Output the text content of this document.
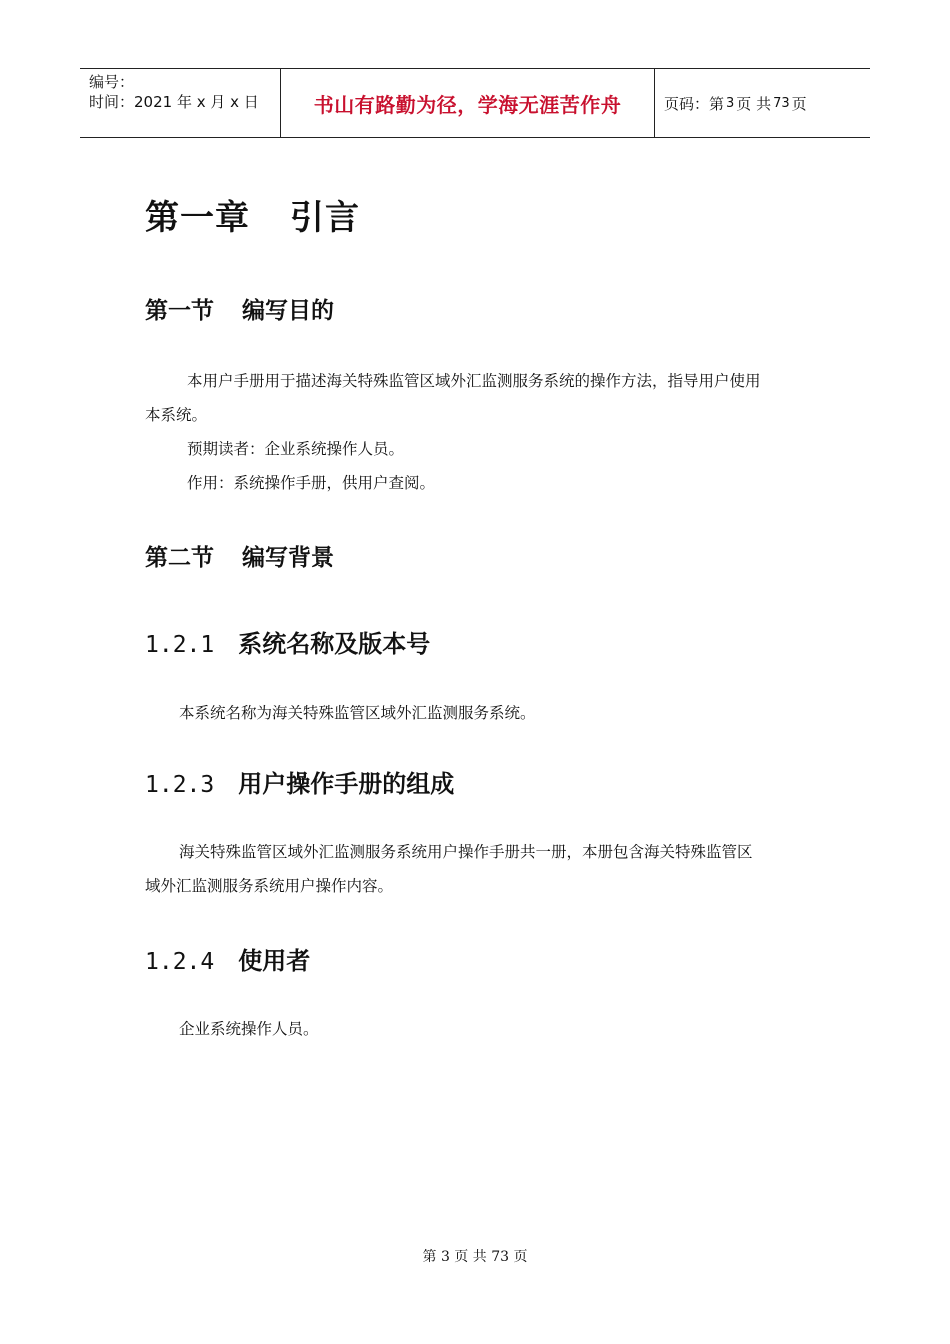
编号：
时间：2021 年 x 月 x 日	书山有路勤为径，学海无涯苦作舟	页码：第 3 页 共 73 页
第一章 引言
第一节 编写目的
本用户手册用于描述海关特殊监管区域外汇监测服务系统的操作方法，指导用户使用
本系统。
预期读者：企业系统操作人员。
作用：系统操作手册，供用户查阅。
第二节 编写背景
1.2.1 系统名称及版本号
本系统名称为海关特殊监管区域外汇监测服务系统。
1.2.3 用户操作手册的组成
海关特殊监管区域外汇监测服务系统用户操作手册共一册，本册包含海关特殊监管区
域外汇监测服务系统用户操作内容。
1.2.4 使用者
企业系统操作人员。
第 3 页 共 73 页
